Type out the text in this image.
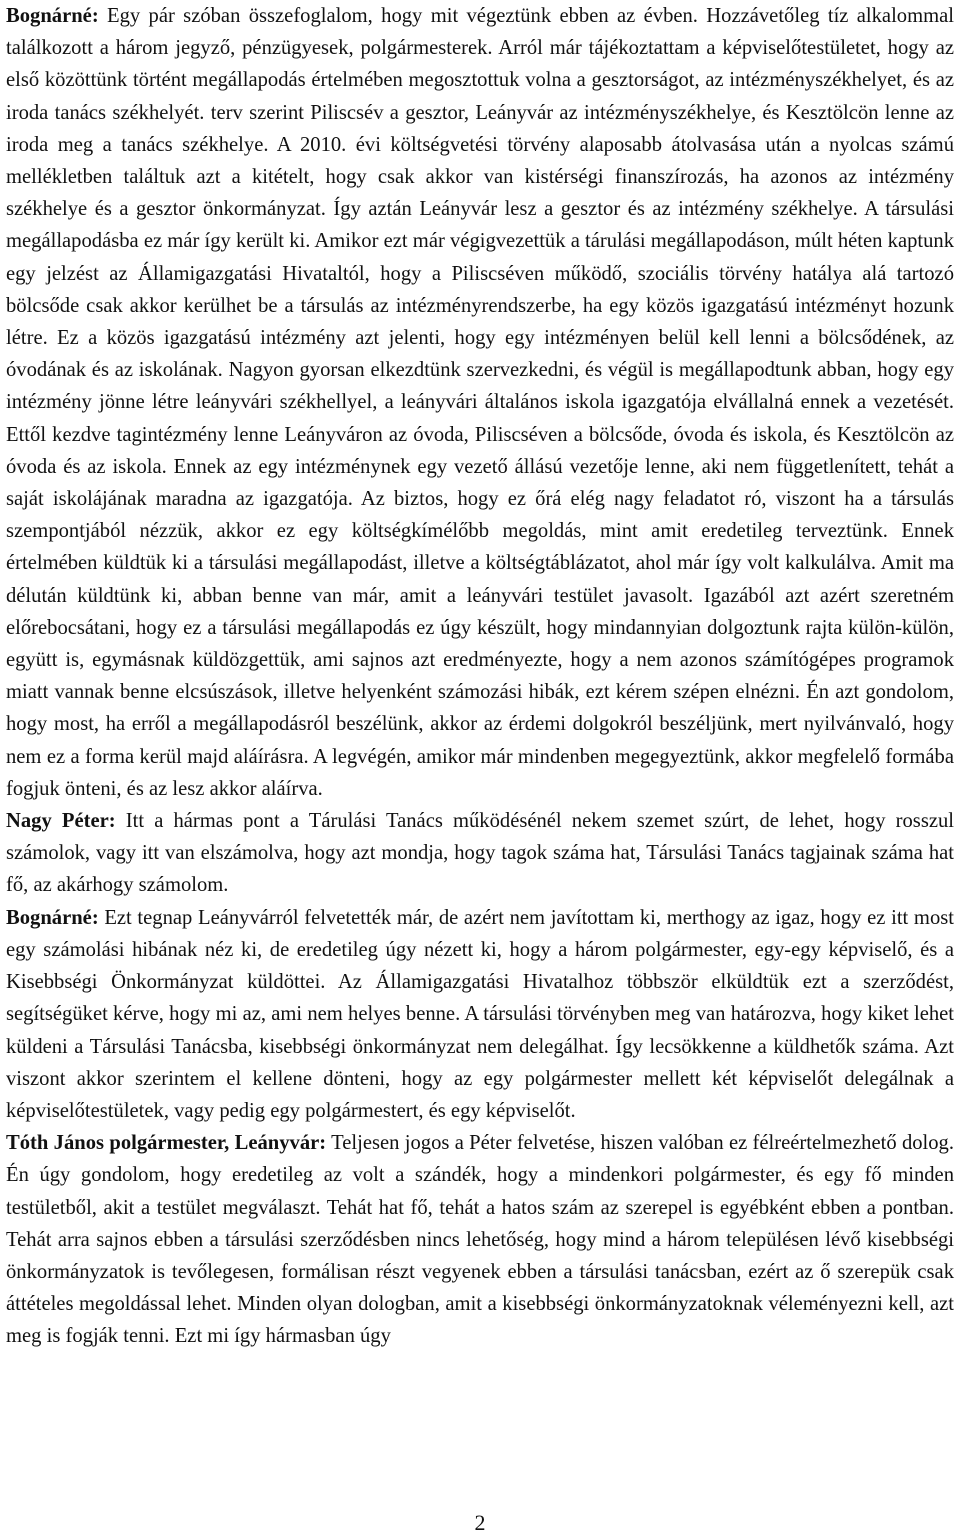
Bognárné: Egy pár szóban összefoglalom, hogy mit végeztünk ebben az évben. Hozzávetőleg tíz alkalommal találkozott a három jegyző, pénzügyesek, polgármesterek. Arról már tájékoztattam a képviselőtestületet, hogy az első közöttünk történt megállapodás értelmében megosztottuk volna a gesztorságot, az intézményszékhelyet, és az iroda tanács székhelyét. terv szerint Piliscsév a gesztor, Leányvár az intézményszékhelye, és Kesztölcön lenne az iroda meg a tanács székhelye. A 2010. évi költségvetési törvény alaposabb átolvasása után a nyolcas számú mellékletben találtuk azt a kitételt, hogy csak akkor van kistérségi finanszírozás, ha azonos az intézmény székhelye és a gesztor önkormányzat. Így aztán Leányvár lesz a gesztor és az intézmény székhelye. A társulási megállapodásba ez már így került ki. Amikor ezt már végigvezettük a tárulási megállapodáson, múlt héten kaptunk egy jelzést az Államigazgatási Hivataltól, hogy a Piliscséven működő, szociális törvény hatálya alá tartozó bölcsőde csak akkor kerülhet be a társulás az intézményrendszerbe, ha egy közös igazgatású intézményt hozunk létre. Ez a közös igazgatású intézmény azt jelenti, hogy egy intézményen belül kell lenni a bölcsődének, az óvodának és az iskolának. Nagyon gyorsan elkezdtünk szervezkedni, és végül is megállapodtunk abban, hogy egy intézmény jönne létre leányvári székhellyel, a leányvári általános iskola igazgatója elvállalná ennek a vezetését. Ettől kezdve tagintézmény lenne Leányváron az óvoda, Piliscséven a bölcsőde, óvoda és iskola, és Kesztölcön az óvoda és az iskola. Ennek az egy intézménynek egy vezető állású vezetője lenne, aki nem függetlenített, tehát a saját iskolájának maradna az igazgatója. Az biztos, hogy ez őrá elég nagy feladatot ró, viszont ha a társulás szempontjából nézzük, akkor ez egy költségkímélőbb megoldás, mint amit eredetileg terveztünk. Ennek értelmében küldtük ki a társulási megállapodást, illetve a költségtáblázatot, ahol már így volt kalkulálva. Amit ma délután küldtünk ki, abban benne van már, amit a leányvári testület javasolt. Igazából azt azért szeretném előrebocsátani, hogy ez a társulási megállapodás ez úgy készült, hogy mindannyian dolgoztunk rajta külön-külön, együtt is, egymásnak küldözgettük, ami sajnos azt eredményezte, hogy a nem azonos számítógépes programok miatt vannak benne elcsúszások, illetve helyenként számozási hibák, ezt kérem szépen elnézni. Én azt gondolom, hogy most, ha erről a megállapodásról beszélünk, akkor az érdemi dolgokról beszéljünk, mert nyilvánvaló, hogy nem ez a forma kerül majd aláírásra. A legvégén, amikor már mindenben megegyeztünk, akkor megfelelő formába fogjuk önteni, és az lesz akkor aláírva.

Nagy Péter: Itt a hármas pont a Tárulási Tanács működésénél nekem szemet szúrt, de lehet, hogy rosszul számolok, vagy itt van elszámolva, hogy azt mondja, hogy tagok száma hat, Társulási Tanács tagjainak száma hat fő, az akárhogy számolom.

Bognárné: Ezt tegnap Leányvárról felvetették már, de azért nem javítottam ki, merthogy az igaz, hogy ez itt most egy számolási hibának néz ki, de eredetileg úgy nézett ki, hogy a három polgármester, egy-egy képviselő, és a Kisebbségi Önkormányzat küldöttei. Az Államigazgatási Hivatalhoz többször elküldtük ezt a szerződést, segítségüket kérve, hogy mi az, ami nem helyes benne. A társulási törvényben meg van határozva, hogy kiket lehet küldeni a Társulási Tanácsba, kisebbségi önkormányzat nem delegálhat. Így lecsökkenne a küldhetők száma. Azt viszont akkor szerintem el kellene dönteni, hogy az egy polgármester mellett két képviselőt delegálnak a képviselőtestületek, vagy pedig egy polgármestert, és egy képviselőt.

Tóth János polgármester, Leányvár: Teljesen jogos a Péter felvetése, hiszen valóban ez félreértelmezhető dolog. Én úgy gondolom, hogy eredetileg az volt a szándék, hogy a mindenkori polgármester, és egy fő minden testületből, akit a testület megválaszt. Tehát hat fő, tehát a hatos szám az szerepel is egyébként ebben a pontban. Tehát arra sajnos ebben a társulási szerződésben nincs lehetőség, hogy mind a három településen lévő kisebbségi önkormányzatok is tevőlegesen, formálisan részt vegyenek ebben a társulási tanácsban, ezért az ő szerepük csak áttételes megoldással lehet. Minden olyan dologban, amit a kisebbségi önkormányzatoknak véleményezni kell, azt meg is fogják tenni. Ezt mi így hármasban úgy

2
